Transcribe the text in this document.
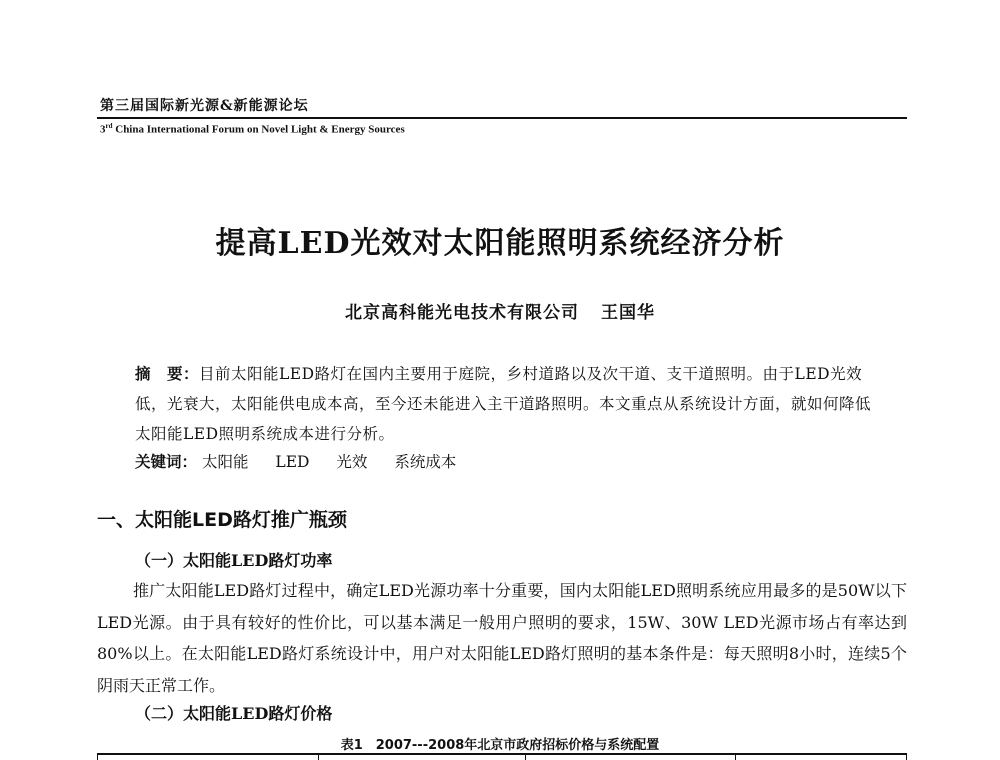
第三届国际新光源&新能源论坛
3rd China International Forum on Novel Light & Energy Sources
提高LED光效对太阳能照明系统经济分析
北京高科能光电技术有限公司 王国华
摘　要：目前太阳能LED路灯在国内主要用于庭院，乡村道路以及次干道、支干道照明。由于LED光效低，光衰大，太阳能供电成本高，至今还未能进入主干道路照明。本文重点从系统设计方面，就如何降低太阳能LED照明系统成本进行分析。
关键词： 太阳能 LED 光效 系统成本
一、太阳能LED路灯推广瓶颈
（一）太阳能LED路灯功率
推广太阳能LED路灯过程中，确定LED光源功率十分重要，国内太阳能LED照明系统应用最多的是50W以下LED光源。由于具有较好的性价比，可以基本满足一般用户照明的要求，15W、30W LED光源市场占有率达到80%以上。在太阳能LED路灯系统设计中，用户对太阳能LED路灯照明的基本条件是：每天照明8小时，连续5个阴雨天正常工作。
（二）太阳能LED路灯价格
表1　2007---2008年北京市政府招标价格与系统配置
